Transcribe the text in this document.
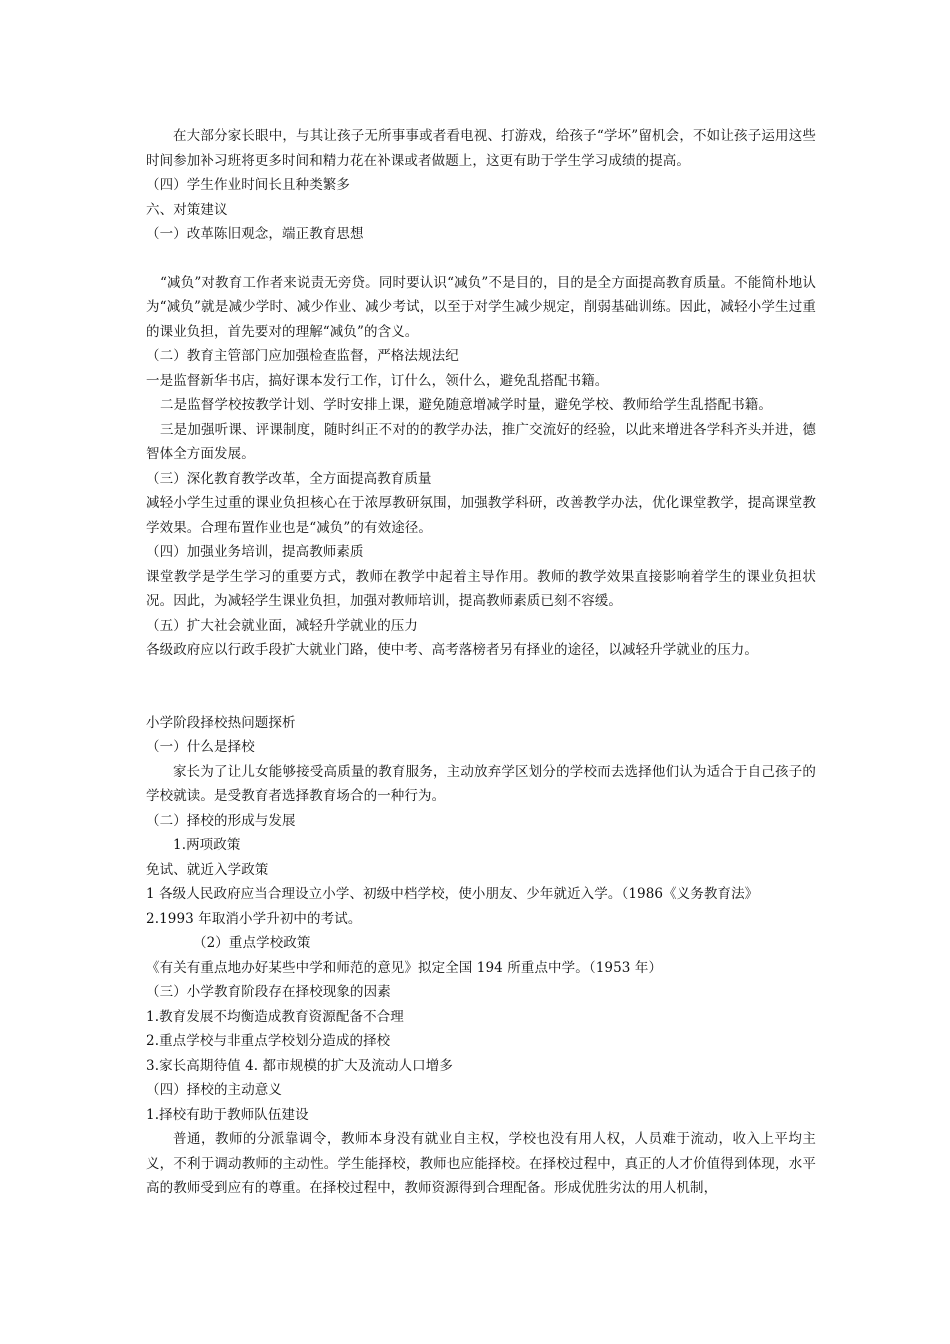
在大部分家长眼中，与其让孩子无所事事或者看电视、打游戏，给孩子“学坏”留机会，不如让孩子运用这些时间参加补习班将更多时间和精力花在补课或者做题上，这更有助于学生学习成绩的提高。

（四）学生作业时间长且种类繁多

六、对策建议

（一）改革陈旧观念，端正教育思想

“减负”对教育工作者来说责无旁贷。同时要认识“减负”不是目的，目的是全方面提高教育质量。不能简朴地认为“减负”就是减少学时、减少作业、减少考试，以至于对学生减少规定，削弱基础训练。因此，减轻小学生过重的课业负担，首先要对的理解“减负”的含义。

（二）教育主管部门应加强检查监督，严格法规法纪

一是监督新华书店，搞好课本发行工作，订什么，领什么，避免乱搭配书籍。

二是监督学校按教学计划、学时安排上课，避免随意增减学时量，避免学校、教师给学生乱搭配书籍。

三是加强听课、评课制度，随时纠正不对的的教学办法，推广交流好的经验，以此来增进各学科齐头并进，德智体全方面发展。

（三）深化教育教学改革，全方面提高教育质量

减轻小学生过重的课业负担核心在于浓厚教研氛围，加强教学科研，改善教学办法，优化课堂教学，提高课堂教学效果。合理布置作业也是“减负”的有效途径。

（四）加强业务培训，提高教师素质

课堂教学是学生学习的重要方式，教师在教学中起着主导作用。教师的教学效果直接影响着学生的课业负担状况。因此，为减轻学生课业负担，加强对教师培训，提高教师素质已刻不容缓。

（五）扩大社会就业面，减轻升学就业的压力

各级政府应以行政手段扩大就业门路，使中考、高考落榜者另有择业的途径，以减轻升学就业的压力。

小学阶段择校热问题探析

（一）什么是择校

家长为了让儿女能够接受高质量的教育服务，主动放弃学区划分的学校而去选择他们认为适合于自己孩子的学校就读。是受教育者选择教育场合的一种行为。

（二）择校的形成与发展

1.两项政策

免试、就近入学政策

1 各级人民政府应当合理设立小学、初级中档学校，使小朋友、少年就近入学。（1986《义务教育法》

2.1993 年取消小学升初中的考试。

（2）重点学校政策

《有关有重点地办好某些中学和师范的意见》拟定全国 194 所重点中学。（1953 年）

（三）小学教育阶段存在择校现象的因素

1.教育发展不均衡造成教育资源配备不合理

2.重点学校与非重点学校划分造成的择校

3.家长高期待值 4. 都市规模的扩大及流动人口增多

（四）择校的主动意义

1.择校有助于教师队伍建设

普通，教师的分派靠调令，教师本身没有就业自主权，学校也没有用人权，人员难于流动，收入上平均主义，不利于调动教师的主动性。学生能择校，教师也应能择校。在择校过程中，真正的人才价值得到体现，水平高的教师受到应有的尊重。在择校过程中，教师资源得到合理配备。形成优胜劣汰的用人机制，
